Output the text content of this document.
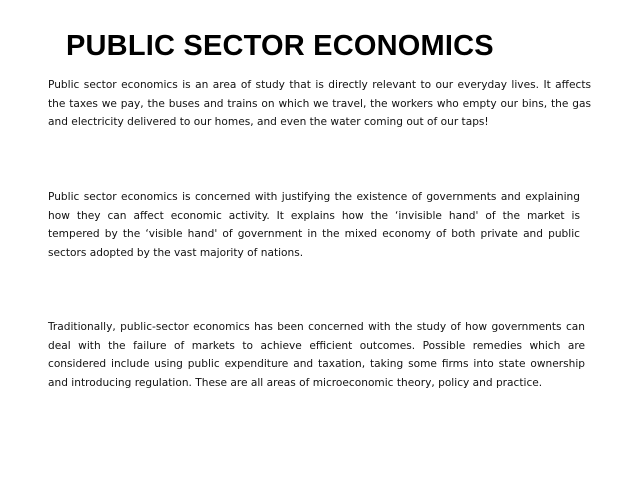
PUBLIC SECTOR ECONOMICS

Public sector economics is an area of study that is directly relevant to our everyday lives. It affects the taxes we pay, the buses and trains on which we travel, the workers who empty our bins, the gas and electricity delivered to our homes, and even the water coming out of our taps!

Public sector economics is concerned with justifying the existence of governments and explaining how they can affect economic activity. It explains how the ‘invisible hand' of the market is tempered by the ‘visible hand' of government in the mixed economy of both private and public sectors adopted by the vast majority of nations.

Traditionally, public-sector economics has been concerned with the study of how governments can deal with the failure of markets to achieve efficient outcomes. Possible remedies which are considered include using public expenditure and taxation, taking some firms into state ownership and introducing regulation. These are all areas of microeconomic theory, policy and practice.
